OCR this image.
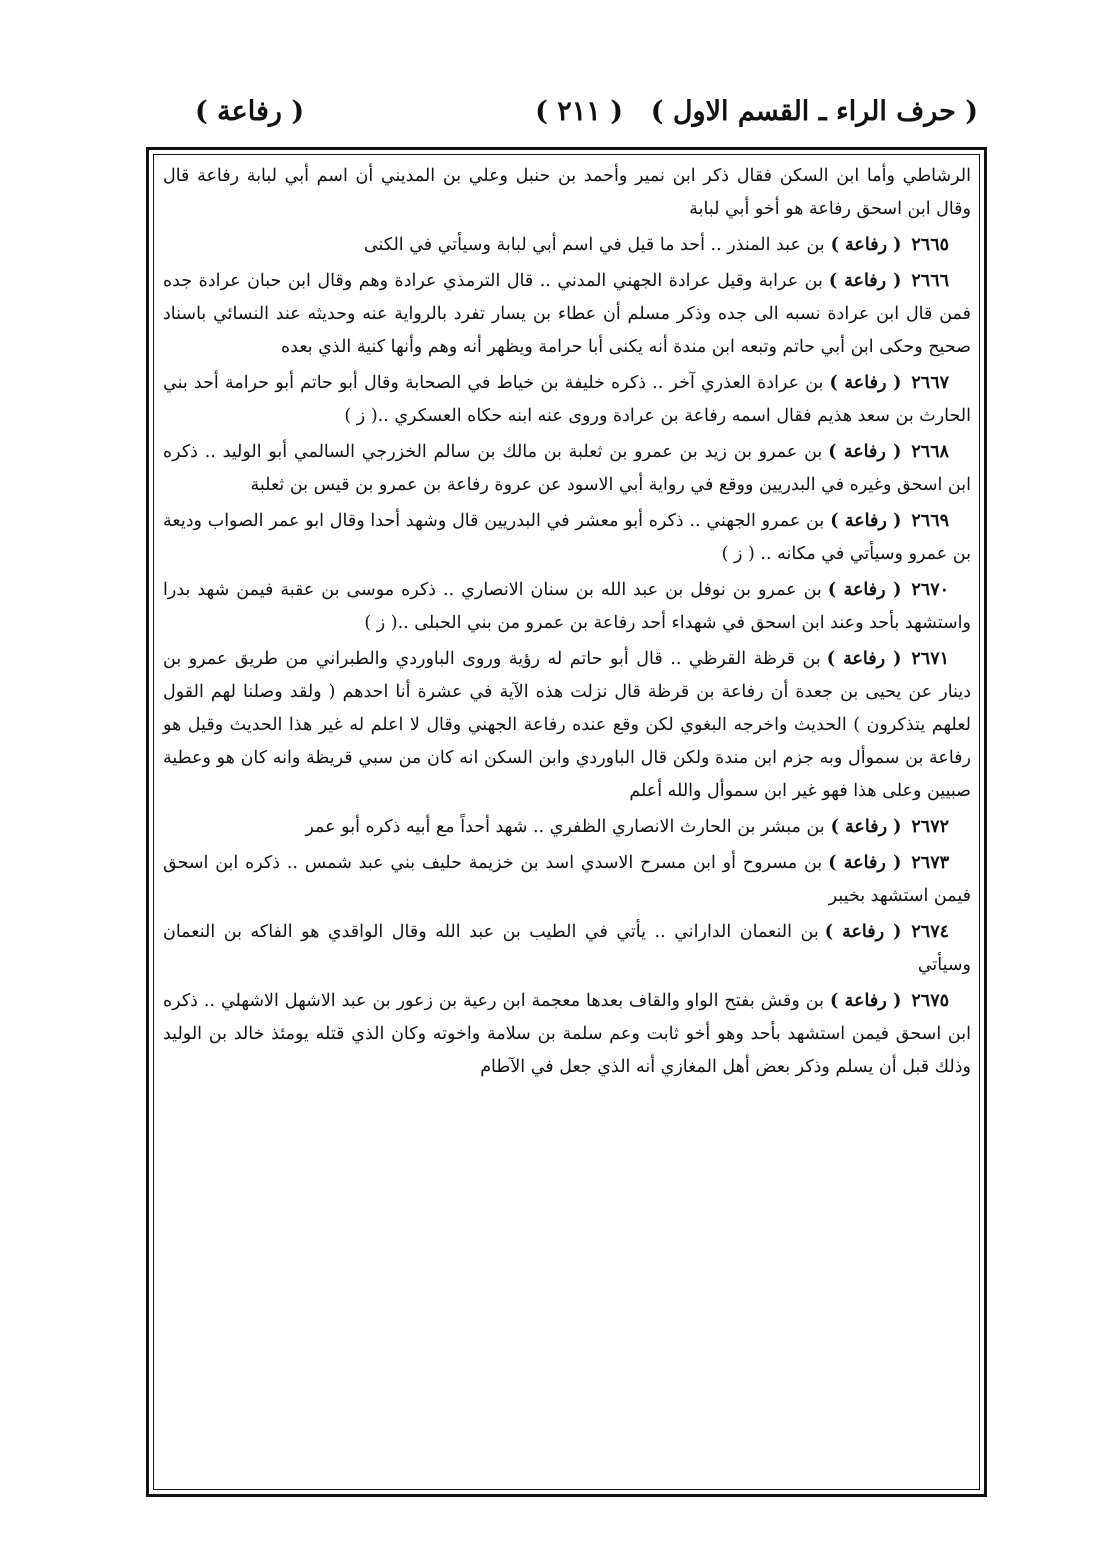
( حرف الراء ـ القسم الاول )
( ٢١١ )
( رفاعة )

الرشاطي وأما ابن السكن فقال ذكر ابن نمير وأحمد بن حنبل وعلي بن المديني أن اسم أبي لبابة رفاعة قال وقال ابن اسحق رفاعة هو أخو أبي لبابة

٢٦٦٥( رفاعة )بن عبد المنذر .. أحد ما قيل في اسم أبي لبابة وسيأتي في الكنى

٢٦٦٦( رفاعة )بن عرابة وقيل عرادة الجهني المدني .. قال الترمذي عرادة وهم وقال ابن حبان عرادة جده فمن قال ابن عرادة نسبه الى جده وذكر مسلم أن عطاء بن يسار تفرد بالرواية عنه وحديثه عند النسائي باسناد صحيح وحكى ابن أبي حاتم وتبعه ابن مندة أنه يكنى أبا حرامة ويظهر أنه وهم وأنها كنية الذي بعده

٢٦٦٧( رفاعة )بن عرادة العذري آخر .. ذكره خليفة بن خياط في الصحابة وقال أبو حاتم أبو حرامة أحد بني الحارث بن سعد هذيم فقال اسمه رفاعة بن عرادة وروى عنه ابنه حكاه العسكري ..( ز )

٢٦٦٨( رفاعة )بن عمرو بن زيد بن عمرو بن ثعلبة بن مالك بن سالم الخزرجي السالمي أبو الوليد .. ذكره ابن اسحق وغيره في البدريين ووقع في رواية أبي الاسود عن عروة رفاعة بن عمرو بن قيس بن ثعلبة

٢٦٦٩( رفاعة )بن عمرو الجهني .. ذكره أبو معشر في البدريين قال وشهد أحدا وقال ابو عمر الصواب وديعة بن عمرو وسيأتي في مكانه .. ( ز )

٢٦٧٠( رفاعة )بن عمرو بن نوفل بن عبد الله بن سنان الانصاري .. ذكره موسى بن عقبة فيمن شهد بدرا واستشهد بأحد وعند ابن اسحق في شهداء أحد رفاعة بن عمرو من بني الحبلى ..( ز )

٢٦٧١( رفاعة )بن قرظة القرظي .. قال أبو حاتم له رؤية وروى الباوردي والطبراني من طريق عمرو بن دينار عن يحيى بن جعدة أن رفاعة بن قرظة قال نزلت هذه الآية في عشرة أنا احدهم ( ولقد وصلنا لهم القول لعلهم يتذكرون ) الحديث واخرجه البغوي لكن وقع عنده رفاعة الجهني وقال لا اعلم له غير هذا الحديث وقيل هو رفاعة بن سموأل وبه جزم ابن مندة ولكن قال الباوردي وابن السكن انه كان من سبي قريظة وانه كان هو وعطية صبيين وعلى هذا فهو غير ابن سموأل والله أعلم

٢٦٧٢( رفاعة )بن مبشر بن الحارث الانصاري الظفري .. شهد أحداً مع أبيه ذكره أبو عمر

٢٦٧٣( رفاعة )بن مسروح أو ابن مسرح الاسدي اسد بن خزيمة حليف بني عبد شمس .. ذكره ابن اسحق فيمن استشهد بخيبر

٢٦٧٤( رفاعة )بن النعمان الداراني .. يأتي في الطيب بن عبد الله وقال الواقدي هو الفاكه بن النعمان وسيأتي

٢٦٧٥( رفاعة )بن وقش بفتح الواو والقاف بعدها معجمة ابن رعية بن زعور بن عبد الاشهل الاشهلي .. ذكره ابن اسحق فيمن استشهد بأحد وهو أخو ثابت وعم سلمة بن سلامة واخوته وكان الذي قتله يومئذ خالد بن الوليد وذلك قبل أن يسلم وذكر بعض أهل المغازي أنه الذي جعل في الآطام
